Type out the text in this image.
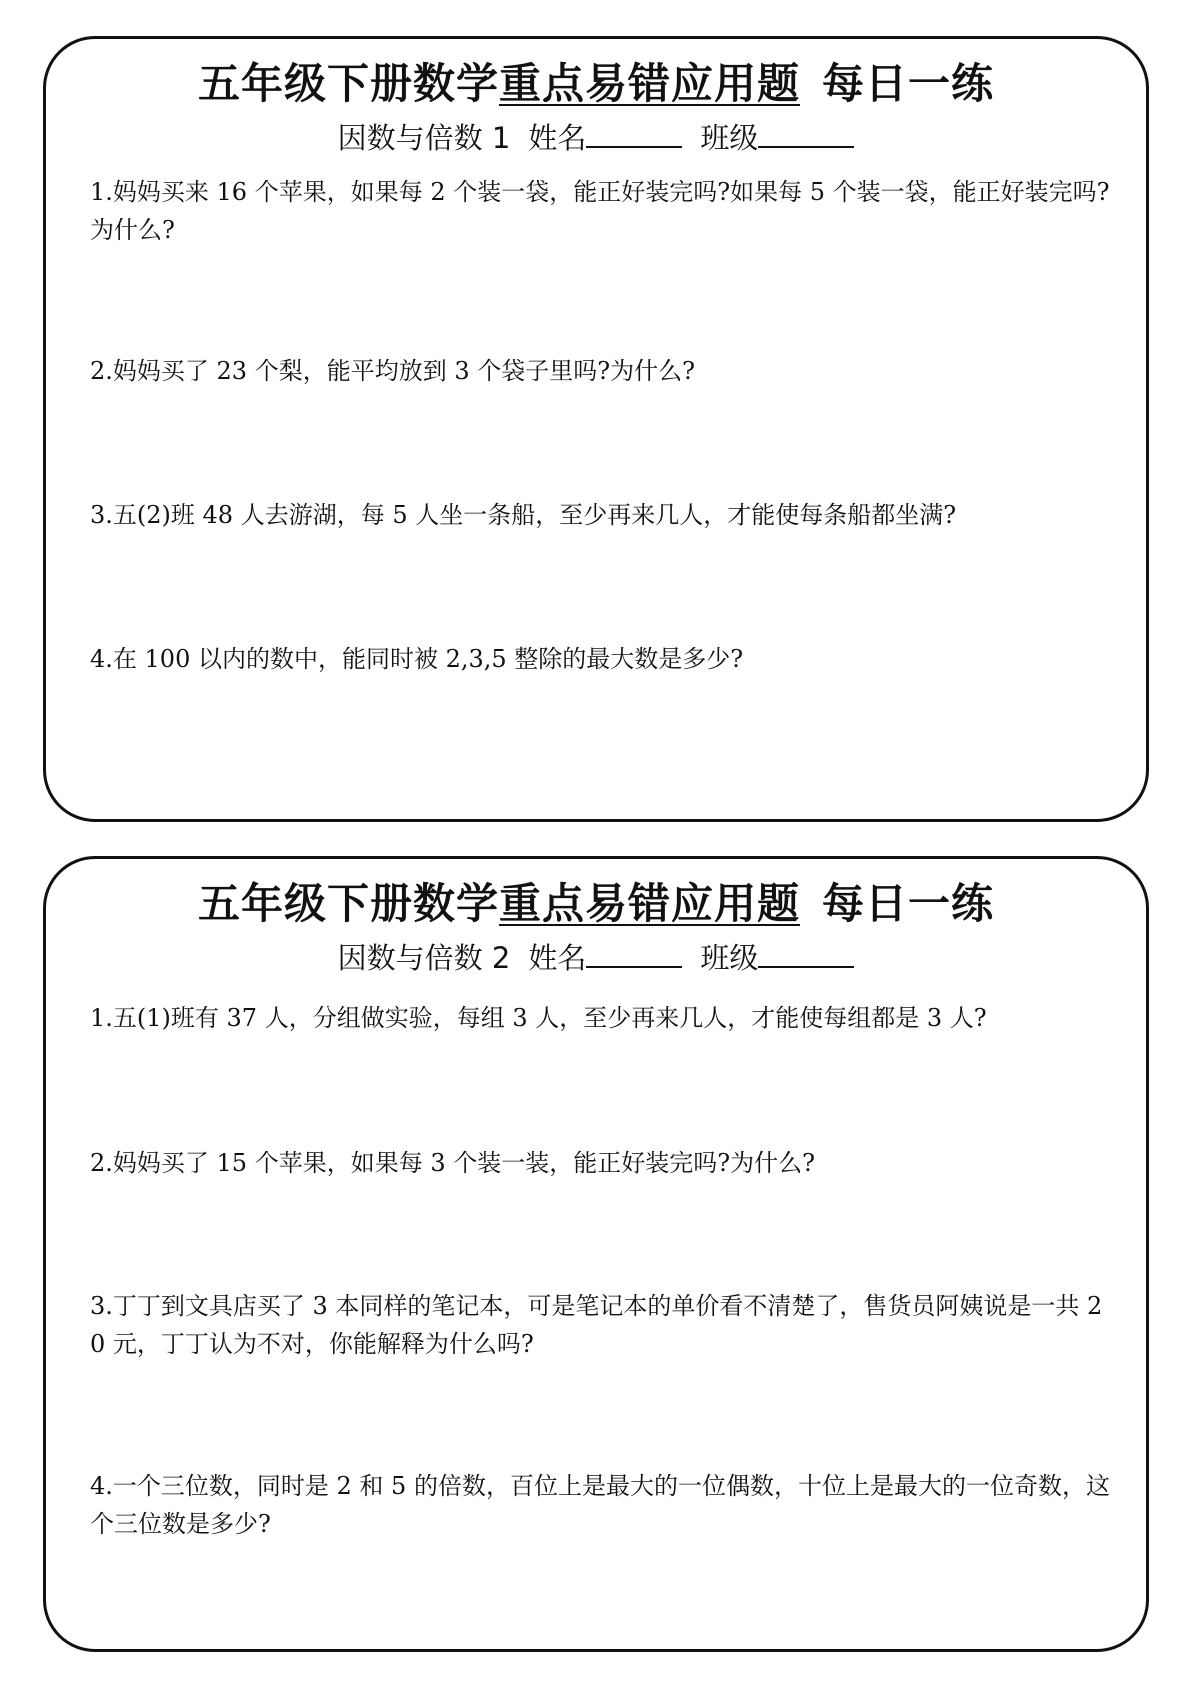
五年级下册数学重点易错应用题 每日一练
因数与倍数 1 姓名	班级
1.妈妈买来 16 个苹果，如果每 2 个装一袋，能正好装完吗?如果每 5 个装一袋，能正好装完吗?为什么?
2.妈妈买了 23 个梨，能平均放到 3 个袋子里吗?为什么?
3.五(2)班 48 人去游湖，每 5 人坐一条船，至少再来几人，才能使每条船都坐满?
4.在 100 以内的数中，能同时被 2,3,5 整除的最大数是多少?
五年级下册数学重点易错应用题 每日一练
因数与倍数 2 姓名	班级
1.五(1)班有 37 人，分组做实验，每组 3 人，至少再来几人，才能使每组都是 3 人?
2.妈妈买了 15 个苹果，如果每 3 个装一装，能正好装完吗?为什么?
3.丁丁到文具店买了 3 本同样的笔记本，可是笔记本的单价看不清楚了，售货员阿姨说是一共 20 元，丁丁认为不对，你能解释为什么吗?
4.一个三位数，同时是 2 和 5 的倍数，百位上是最大的一位偶数，十位上是最大的一位奇数，这个三位数是多少?
